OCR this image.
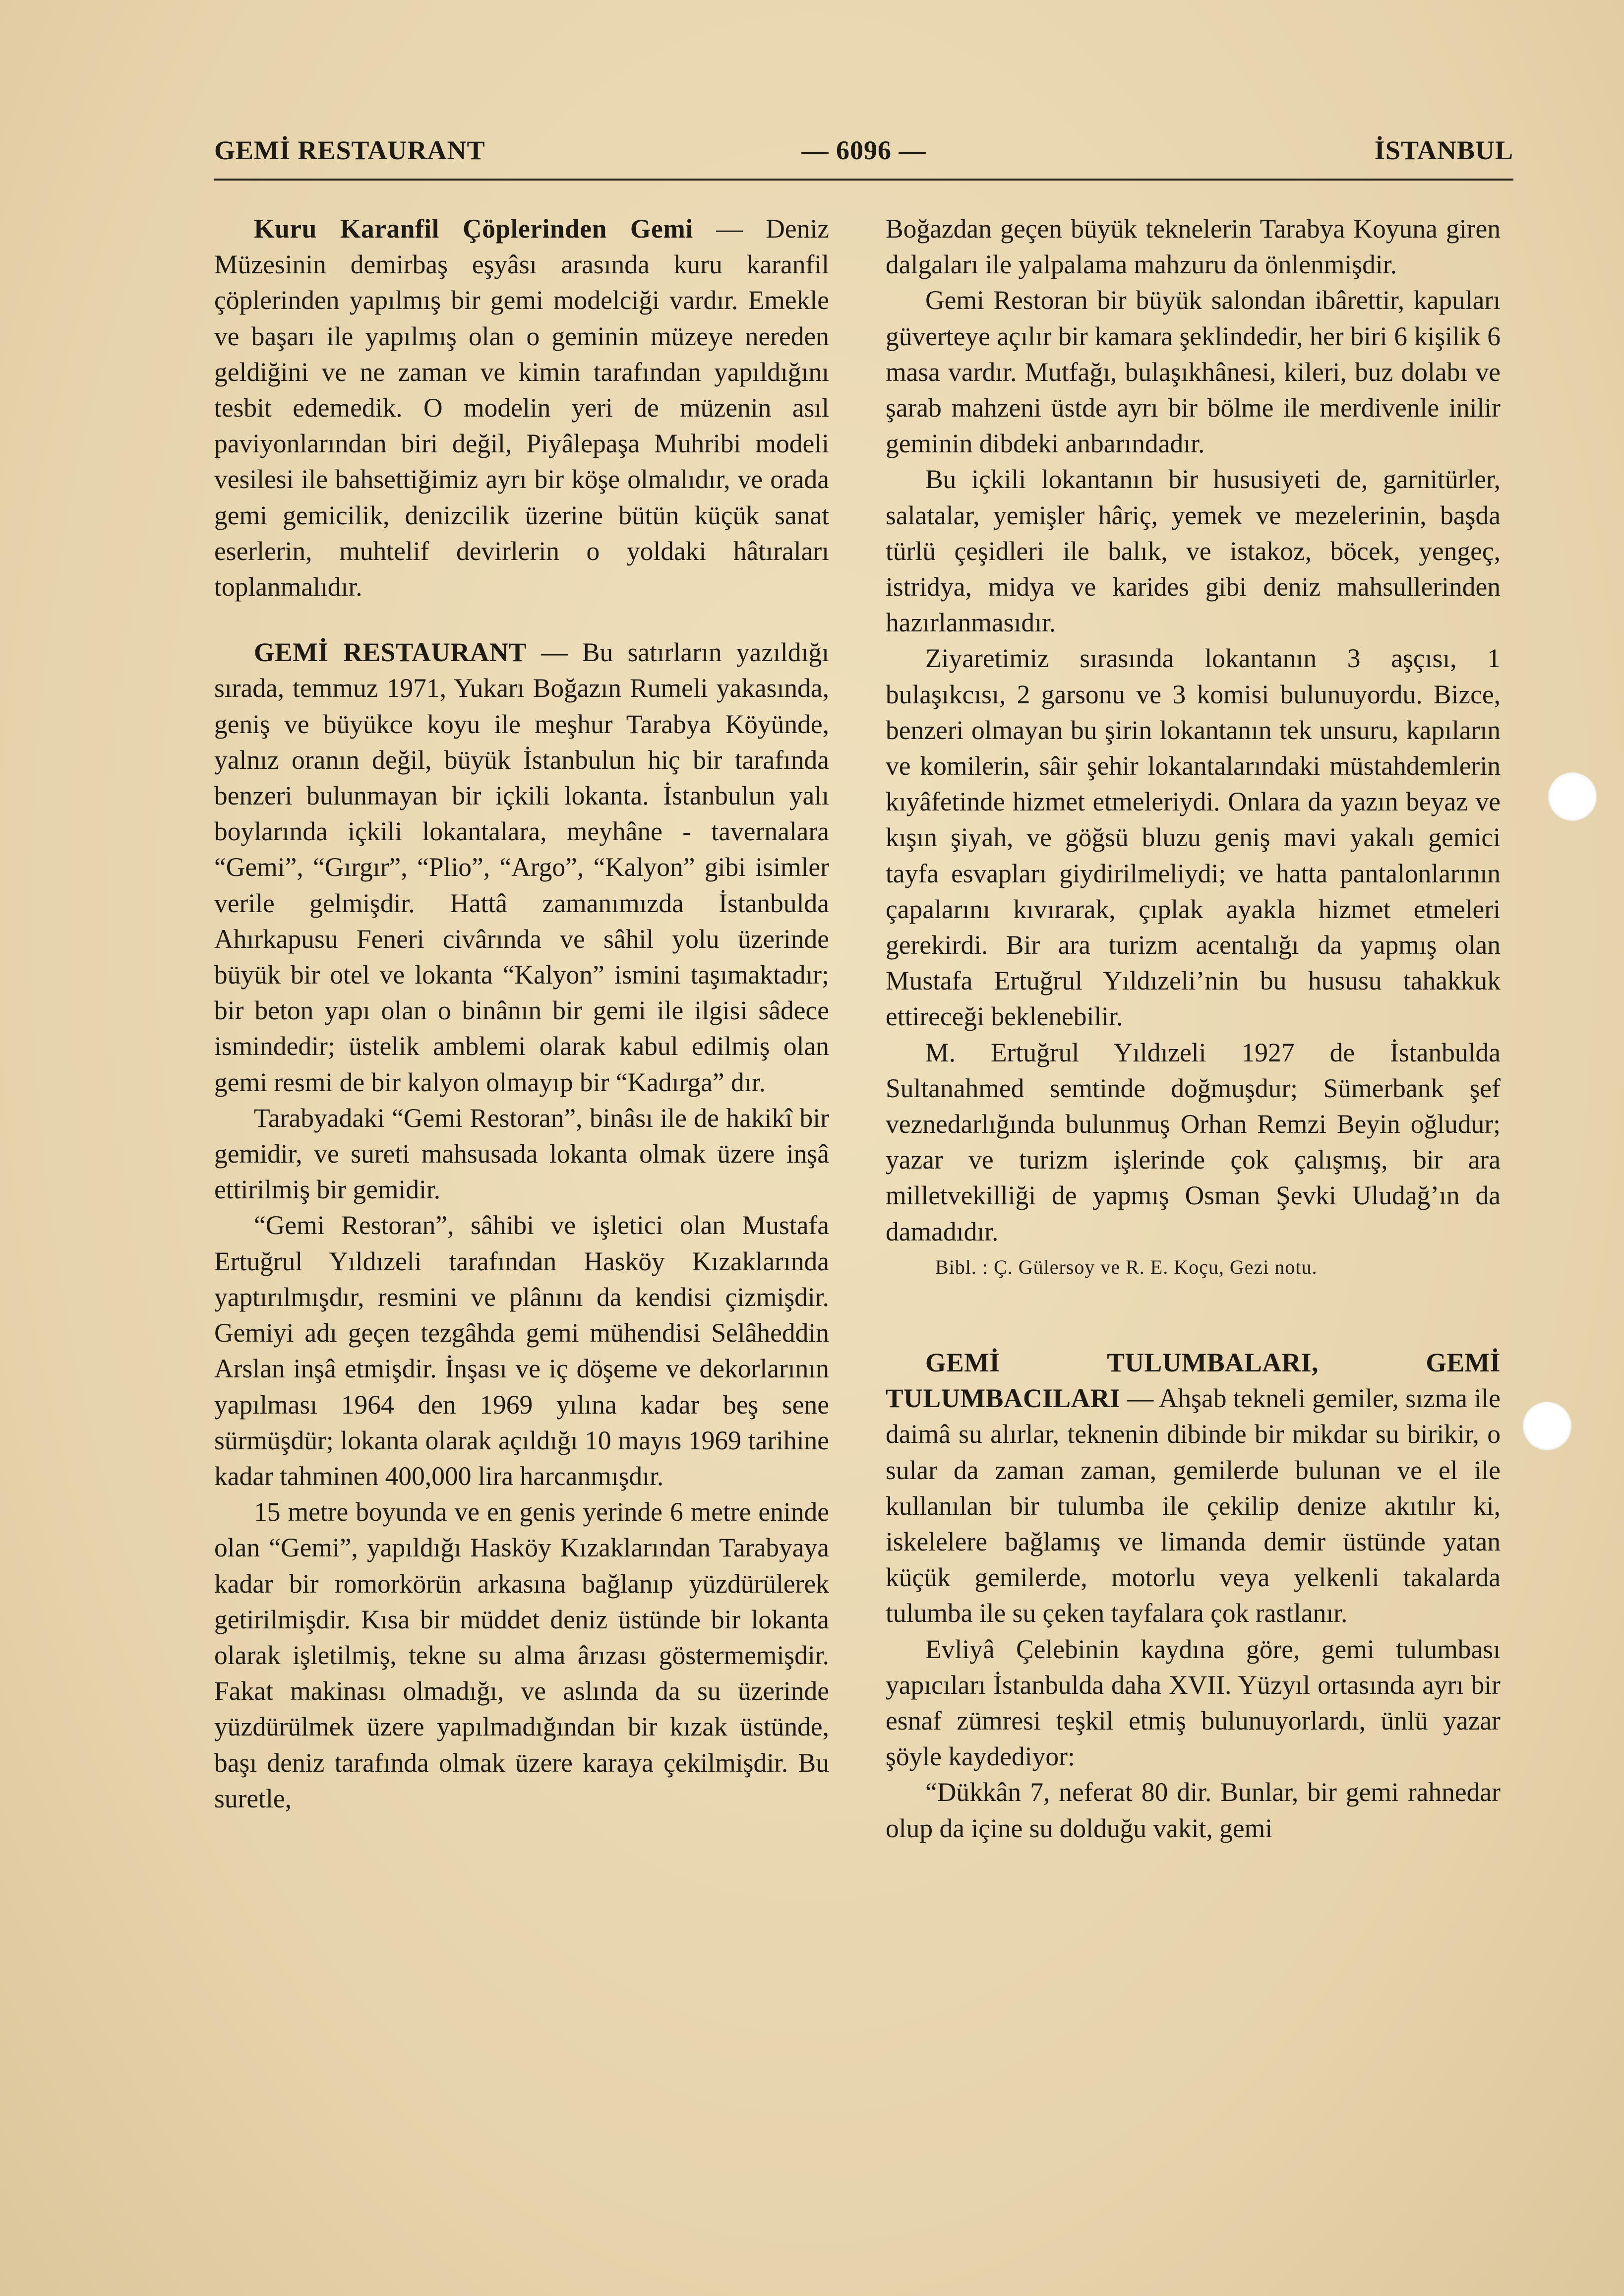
GEMİ RESTAURANT	— 6096 —	İSTANBUL

Kuru Karanfil Çöplerinden Gemi — Deniz Müzesinin demirbaş eşyâsı arasında kuru karanfil çöplerinden yapılmış bir gemi modelciği vardır. Emekle ve başarı ile yapılmış olan o geminin müzeye nereden geldiğini ve ne zaman ve kimin tarafından yapıldığını tesbit edemedik. O modelin yeri de müzenin asıl paviyonlarından biri değil, Piyâlepaşa Muhribi modeli vesilesi ile bahsettiğimiz ayrı bir köşe olmalıdır, ve orada gemi gemicilik, denizcilik üzerine bütün küçük sanat eserlerin, muhtelif devirlerin o yoldaki hâtıraları toplanmalıdır.

GEMİ RESTAURANT — Bu satırların yazıldığı sırada, temmuz 1971, Yukarı Boğazın Rumeli yakasında, geniş ve büyükce koyu ile meşhur Tarabya Köyünde, yalnız oranın değil, büyük İstanbulun hiç bir tarafında benzeri bulunmayan bir içkili lokanta. İstanbulun yalı boylarında içkili lokantalara, meyhâne - tavernalara “Gemi”, “Gırgır”, “Plio”, “Argo”, “Kalyon” gibi isimler verile gelmişdir. Hattâ zamanımızda İstanbulda Ahırkapusu Feneri civârında ve sâhil yolu üzerinde büyük bir otel ve lokanta “Kalyon” ismini taşımaktadır; bir beton yapı olan o binânın bir gemi ile ilgisi sâdece ismindedir; üstelik amblemi olarak kabul edilmiş olan gemi resmi de bir kalyon olmayıp bir “Kadırga” dır.

Tarabyadaki “Gemi Restoran”, binâsı ile de hakikî bir gemidir, ve sureti mahsusada lokanta olmak üzere inşâ ettirilmiş bir gemidir.

“Gemi Restoran”, sâhibi ve işletici olan Mustafa Ertuğrul Yıldızeli tarafından Hasköy Kızaklarında yaptırılmışdır, resmini ve plânını da kendisi çizmişdir. Gemiyi adı geçen tezgâhda gemi mühendisi Selâheddin Arslan inşâ etmişdir. İnşası ve iç döşeme ve dekorlarının yapılması 1964 den 1969 yılına kadar beş sene sürmüşdür; lokanta olarak açıldığı 10 mayıs 1969 tarihine kadar tahminen 400,000 lira harcanmışdır.

15 metre boyunda ve en genis yerinde 6 metre eninde olan “Gemi”, yapıldığı Hasköy Kızaklarından Tarabyaya kadar bir romorkörün arkasına bağlanıp yüzdürülerek getirilmişdir. Kısa bir müddet deniz üstünde bir lokanta olarak işletilmiş, tekne su alma ârızası göstermemişdir. Fakat makinası olmadığı, ve aslında da su üzerinde yüzdürülmek üzere yapılmadığından bir kızak üstünde, başı deniz tarafında olmak üzere karaya çekilmişdir. Bu suretle,

Boğazdan geçen büyük teknelerin Tarabya Koyuna giren dalgaları ile yalpalama mahzuru da önlenmişdir.

Gemi Restoran bir büyük salondan ibârettir, kapuları güverteye açılır bir kamara şeklindedir, her biri 6 kişilik 6 masa vardır. Mutfağı, bulaşıkhânesi, kileri, buz dolabı ve şarab mahzeni üstde ayrı bir bölme ile merdivenle inilir geminin dibdeki anbarındadır.

Bu içkili lokantanın bir hususiyeti de, garnitürler, salatalar, yemişler hâriç, yemek ve mezelerinin, başda türlü çeşidleri ile balık, ve istakoz, böcek, yengeç, istridya, midya ve karides gibi deniz mahsullerinden hazırlanmasıdır.

Ziyaretimiz sırasında lokantanın 3 aşçısı, 1 bulaşıkcısı, 2 garsonu ve 3 komisi bulunuyordu. Bizce, benzeri olmayan bu şirin lokantanın tek unsuru, kapıların ve komilerin, sâir şehir lokantalarındaki müstahdemlerin kıyâfetinde hizmet etmeleriydi. Onlara da yazın beyaz ve kışın şiyah, ve göğsü bluzu geniş mavi yakalı gemici tayfa esvapları giydirilmeliydi; ve hatta pantalonlarının çapalarını kıvırarak, çıplak ayakla hizmet etmeleri gerekirdi. Bir ara turizm acentalığı da yapmış olan Mustafa Ertuğrul Yıldızeli’nin bu hususu tahakkuk ettireceği beklenebilir.

M. Ertuğrul Yıldızeli 1927 de İstanbulda Sultanahmed semtinde doğmuşdur; Sümerbank şef veznedarlığında bulunmuş Orhan Remzi Beyin oğludur; yazar ve turizm işlerinde çok çalışmış, bir ara milletvekilliği de yapmış Osman Şevki Uludağ’ın da damadıdır.

Bibl. : Ç. Gülersoy ve R. E. Koçu, Gezi notu.

GEMİ TULUMBALARI, GEMİ TULUMBACILARI — Ahşab tekneli gemiler, sızma ile daimâ su alırlar, teknenin dibinde bir mikdar su birikir, o sular da zaman zaman, gemilerde bulunan ve el ile kullanılan bir tulumba ile çekilip denize akıtılır ki, iskelelere bağlamış ve limanda demir üstünde yatan küçük gemilerde, motorlu veya yelkenli takalarda tulumba ile su çeken tayfalara çok rastlanır.

Evliyâ Çelebinin kaydına göre, gemi tulumbası yapıcıları İstanbulda daha XVII. Yüzyıl ortasında ayrı bir esnaf zümresi teşkil etmiş bulunuyorlardı, ünlü yazar şöyle kaydediyor:

“Dükkân 7, neferat 80 dir. Bunlar, bir gemi rahnedar olup da içine su dolduğu vakit, gemi
